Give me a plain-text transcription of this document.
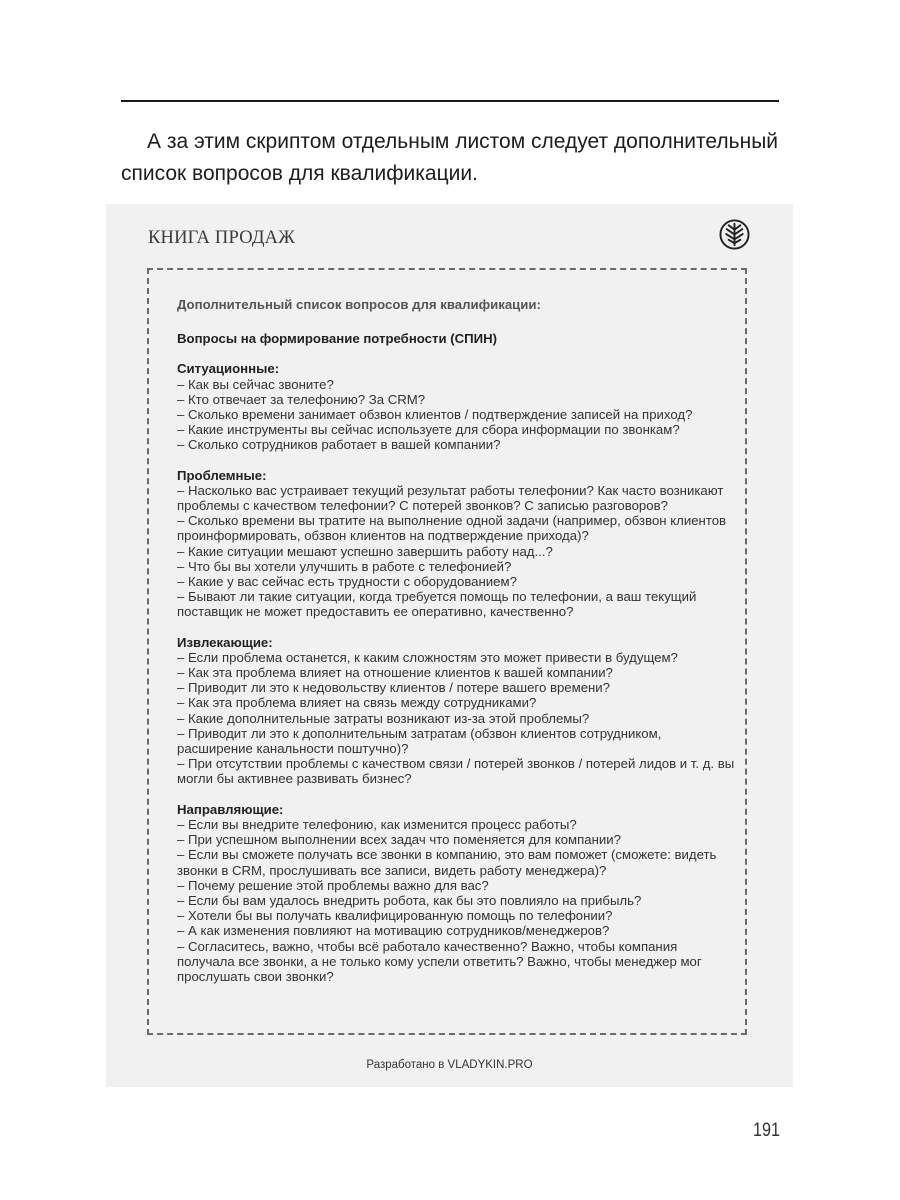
А за этим скриптом отдельным листом следует дополнительный список вопросов для квалификации.

КНИГА ПРОДАЖ
Дополнительный список вопросов для квалификации:
Вопросы на формирование потребности (СПИН)
Ситуационные:

– Как вы сейчас звоните?

– Кто отвечает за телефонию? За CRM?

– Сколько времени занимает обзвон клиентов / подтверждение записей на приход?

– Какие инструменты вы сейчас используете для сбора информации по звонкам?

– Сколько сотрудников работает в вашей компании?

Проблемные:

– Насколько вас устраивает текущий результат работы телефонии? Как часто возникают проблемы с качеством телефонии? С потерей звонков? С записью разговоров?

– Сколько времени вы тратите на выполнение одной задачи (например, обзвон клиентов проинформировать, обзвон клиентов на подтверждение прихода)?

– Какие ситуации мешают успешно завершить работу над...?

– Что бы вы хотели улучшить в работе с телефонией?

– Какие у вас сейчас есть трудности с оборудованием?

– Бывают ли такие ситуации, когда требуется помощь по телефонии, а ваш текущий поставщик не может предоставить ее оперативно, качественно?

Извлекающие:

– Если проблема останется, к каким сложностям это может привести в будущем?

– Как эта проблема влияет на отношение клиентов к вашей компании?

– Приводит ли это к недовольству клиентов / потере вашего времени?

– Как эта проблема влияет на связь между сотрудниками?

– Какие дополнительные затраты возникают из-за этой проблемы?

– Приводит ли это к дополнительным затратам (обзвон клиентов сотрудником, расширение канальности поштучно)?

– При отсутствии проблемы с качеством связи / потерей звонков / потерей лидов и т. д. вы могли бы активнее развивать бизнес?

Направляющие:

– Если вы внедрите телефонию, как изменится процесс работы?

– При успешном выполнении всех задач что поменяется для компании?

– Если вы сможете получать все звонки в компанию, это вам поможет (сможете: видеть звонки в CRM, прослушивать все записи, видеть работу менеджера)?

– Почему решение этой проблемы важно для вас?

– Если бы вам удалось внедрить робота, как бы это повлияло на прибыль?

– Хотели бы вы получать квалифицированную помощь по телефонии?

– А как изменения повлияют на мотивацию сотрудников/менеджеров?

– Согласитесь, важно, чтобы всё работало качественно? Важно, чтобы компания получала все звонки, а не только кому успели ответить? Важно, чтобы менеджер мог прослушать свои звонки?

Разработано в VLADYKIN.PRO
191
